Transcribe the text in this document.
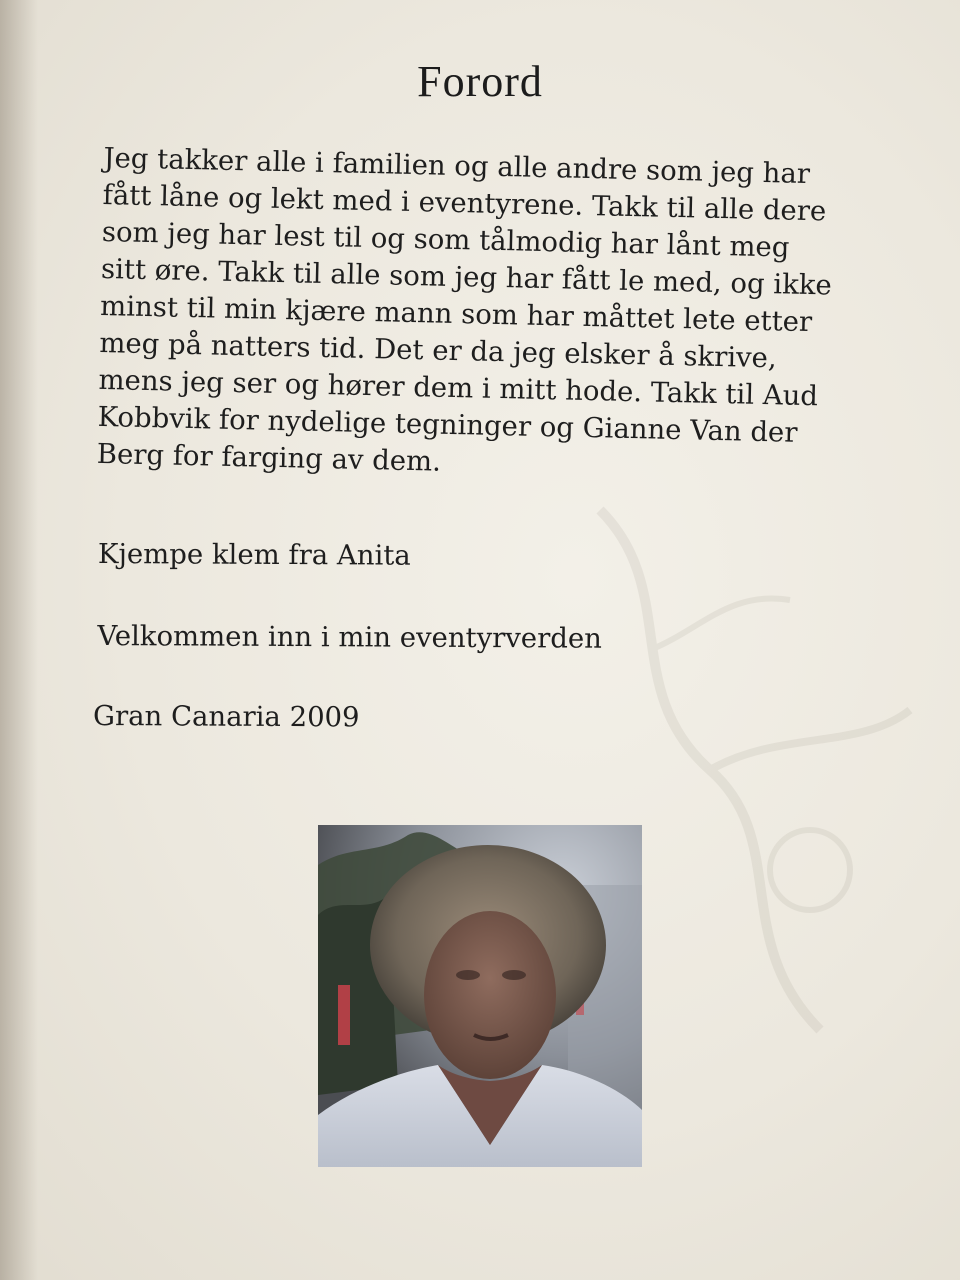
Forord

Jeg takker alle i familien og alle andre som jeg har
fått låne og lekt med i eventyrene. Takk til alle dere
som jeg har lest til og som tålmodig har lånt meg
sitt øre. Takk til alle som jeg har fått le med, og ikke
minst til min kjære mann som har måttet lete etter
meg på natters tid. Det er da jeg elsker å skrive,
mens jeg ser og hører dem i mitt hode. Takk til Aud
Kobbvik for nydelige tegninger og Gianne Van der
Berg for farging av dem.

Kjempe klem fra Anita
Velkommen inn i min eventyrverden
Gran Canaria 2009
